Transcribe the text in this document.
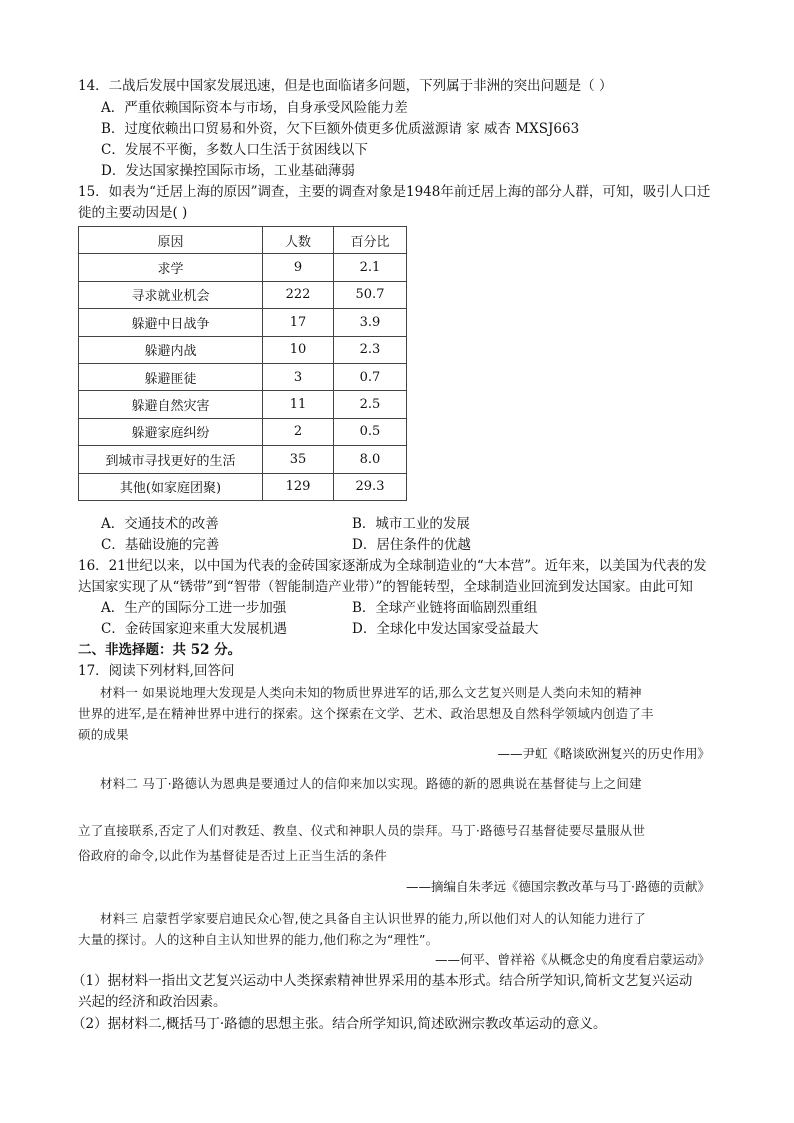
14．二战后发展中国家发展迅速，但是也面临诸多问题，下列属于非洲的突出问题是（ ）
A．严重依赖国际资本与市场，自身承受风险能力差
B．过度依赖出口贸易和外资，欠下巨额外债更多优质滋源请 家 威杏 MXSJ663
C．发展不平衡，多数人口生活于贫困线以下
D．发达国家操控国际市场，工业基础薄弱
15．如表为“迁居上海的原因”调查，主要的调查对象是1948年前迁居上海的部分人群，可知，吸引人口迁
徙的主要动因是( )
原因	人数	百分比
求学	9	2.1
寻求就业机会	222	50.7
躲避中日战争	17	3.9
躲避内战	10	2.3
躲避匪徒	3	0.7
躲避自然灾害	11	2.5
躲避家庭纠纷	2	0.5
到城市寻找更好的生活	35	8.0
其他(如家庭团聚)	129	29.3
A．交通技术的改善	B．城市工业的发展
C．基础设施的完善	D．居住条件的优越
16．21世纪以来，以中国为代表的金砖国家逐渐成为全球制造业的“大本营”。近年来，以美国为代表的发
达国家实现了从“锈带”到“智带（智能制造产业带）”的智能转型，全球制造业回流到发达国家。由此可知
A．生产的国际分工进一步加强	B．全球产业链将面临剧烈重组
C．金砖国家迎来重大发展机遇	D．全球化中发达国家受益最大
二、非选择题：共 52 分。
17．阅读下列材料,回答问
材料一 如果说地理大发现是人类向未知的物质世界进军的话,那么文艺复兴则是人类向未知的精神
世界的进军,是在精神世界中进行的探索。这个探索在文学、艺术、政治思想及自然科学领域内创造了丰
硕的成果
——尹虹《略谈欧洲复兴的历史作用》
材料二 马丁·路德认为恩典是要通过人的信仰来加以实现。路德的新的恩典说在基督徒与上之间建
立了直接联系,否定了人们对教廷、教皇、仪式和神职人员的崇拜。马丁·路德号召基督徒要尽量服从世
俗政府的命令,以此作为基督徒是否过上正当生活的条件
——摘编自朱孝远《德国宗教改革与马丁·路德的贡献》
材料三 启蒙哲学家要启迪民众心智,使之具备自主认识世界的能力,所以他们对人的认知能力进行了
大量的探讨。人的这种自主认知世界的能力,他们称之为“理性”。
——何平、曾祥裕《从概念史的角度看启蒙运动》
（1）据材料一指出文艺复兴运动中人类探索精神世界采用的基本形式。结合所学知识,简析文艺复兴运动
兴起的经济和政治因素。
（2）据材料二,概括马丁·路德的思想主张。结合所学知识,简述欧洲宗教改革运动的意义。
